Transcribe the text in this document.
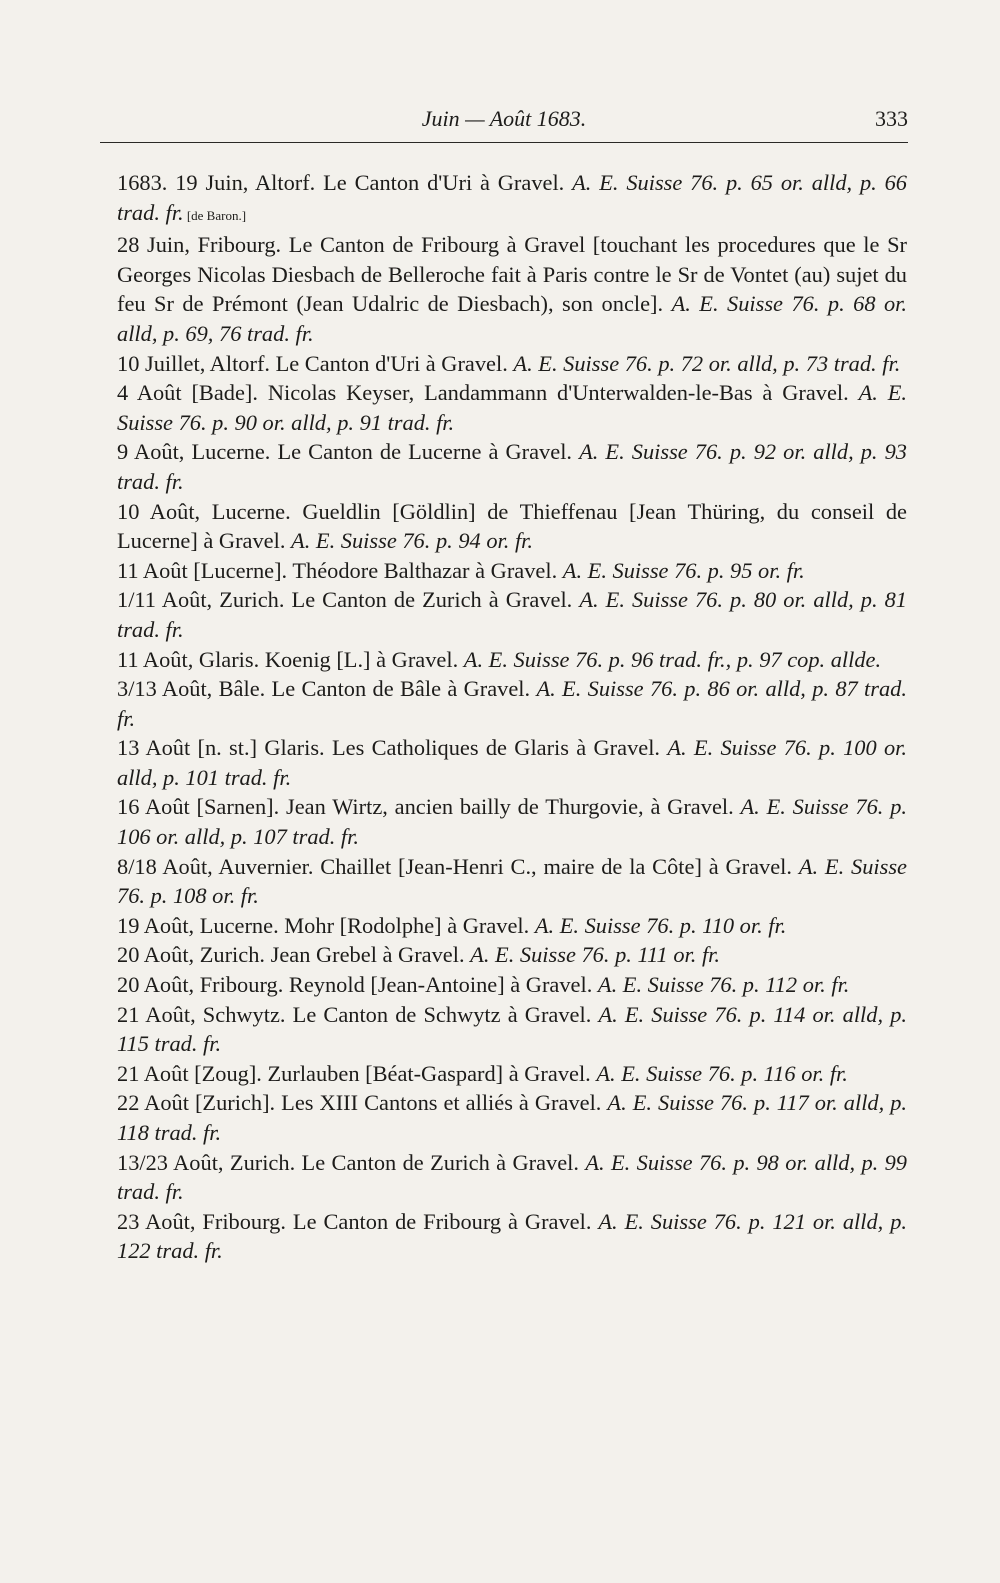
Juin — Août 1683.	333
1683. 19 Juin, Altorf. Le Canton d'Uri à Gravel. A. E. Suisse 76. p. 65 or. alld, p. 66 trad. fr. [de Baron.]
28 Juin, Fribourg. Le Canton de Fribourg à Gravel [touchant les procedures que le Sr Georges Nicolas Diesbach de Belleroche fait à Paris contre le Sr de Vontet (au) sujet du feu Sr de Prémont (Jean Udalric de Diesbach), son oncle]. A. E. Suisse 76. p. 68 or. alld, p. 69, 76 trad. fr.
10 Juillet, Altorf. Le Canton d'Uri à Gravel. A. E. Suisse 76. p. 72 or. alld, p. 73 trad. fr.
4 Août [Bade]. Nicolas Keyser, Landammann d'Unterwalden-le-Bas à Gravel. A. E. Suisse 76. p. 90 or. alld, p. 91 trad. fr.
9 Août, Lucerne. Le Canton de Lucerne à Gravel. A. E. Suisse 76. p. 92 or. alld, p. 93 trad. fr.
10 Août, Lucerne. Gueldlin [Göldlin] de Thieffenau [Jean Thüring, du conseil de Lucerne] à Gravel. A. E. Suisse 76. p. 94 or. fr.
11 Août [Lucerne]. Théodore Balthazar à Gravel. A. E. Suisse 76. p. 95 or. fr.
1/11 Août, Zurich. Le Canton de Zurich à Gravel. A. E. Suisse 76. p. 80 or. alld, p. 81 trad. fr.
11 Août, Glaris. Koenig [L.] à Gravel. A. E. Suisse 76. p. 96 trad. fr., p. 97 cop. allde.
3/13 Août, Bâle. Le Canton de Bâle à Gravel. A. E. Suisse 76. p. 86 or. alld, p. 87 trad. fr.
13 Août [n. st.] Glaris. Les Catholiques de Glaris à Gravel. A. E. Suisse 76. p. 100 or. alld, p. 101 trad. fr.
16 Août [Sarnen]. Jean Wirtz, ancien bailly de Thurgovie, à Gravel. A. E. Suisse 76. p. 106 or. alld, p. 107 trad. fr.
8/18 Août, Auvernier. Chaillet [Jean-Henri C., maire de la Côte] à Gravel. A. E. Suisse 76. p. 108 or. fr.
19 Août, Lucerne. Mohr [Rodolphe] à Gravel. A. E. Suisse 76. p. 110 or. fr.
20 Août, Zurich. Jean Grebel à Gravel. A. E. Suisse 76. p. 111 or. fr.
20 Août, Fribourg. Reynold [Jean-Antoine] à Gravel. A. E. Suisse 76. p. 112 or. fr.
21 Août, Schwytz. Le Canton de Schwytz à Gravel. A. E. Suisse 76. p. 114 or. alld, p. 115 trad. fr.
21 Août [Zoug]. Zurlauben [Béat-Gaspard] à Gravel. A. E. Suisse 76. p. 116 or. fr.
22 Août [Zurich]. Les XIII Cantons et alliés à Gravel. A. E. Suisse 76. p. 117 or. alld, p. 118 trad. fr.
13/23 Août, Zurich. Le Canton de Zurich à Gravel. A. E. Suisse 76. p. 98 or. alld, p. 99 trad. fr.
23 Août, Fribourg. Le Canton de Fribourg à Gravel. A. E. Suisse 76. p. 121 or. alld, p. 122 trad. fr.
